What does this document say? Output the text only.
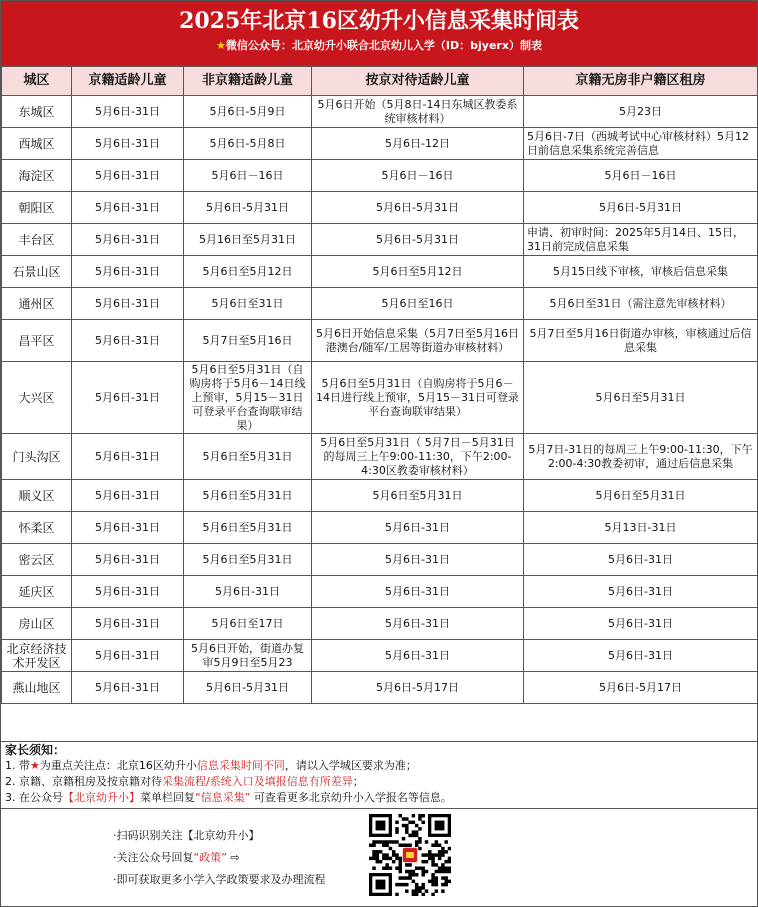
2025年北京16区幼升小信息采集时间表
★微信公众号：北京幼升小联合北京幼儿入学（ID：bjyerx）制表
城区	京籍适龄儿童	非京籍适龄儿童	按京对待适龄儿童	京籍无房非户籍区租房
东城区	5月6日-31日	5月6日-5月9日	5月6日开始（5月8日-14日东城区教委系统审核材料）	5月23日
西城区	5月6日-31日	5月6日-5月8日	5月6日-12日	5月6日-7日（西城考试中心审核材料）5月12日前信息采集系统完善信息
海淀区	5月6日-31日	5月6日－16日	5月6日－16日	5月6日－16日
朝阳区	5月6日-31日	5月6日-5月31日	5月6日-5月31日	5月6日-5月31日
丰台区	5月6日-31日	5月16日至5月31日	5月6日-5月31日	申请、初审时间：2025年5月14日、15日，31日前完成信息采集
石景山区	5月6日-31日	5月6日至5月12日	5月6日至5月12日	5月15日线下审核，审核后信息采集
通州区	5月6日-31日	5月6日至31日	5月6日至16日	5月6日至31日（需注意先审核材料）
昌平区	5月6日-31日	5月7日至5月16日	5月6日开始信息采集（5月7日至5月16日港澳台/随军/工居等街道办审核材料）	5月7日至5月16日街道办审核，审核通过后信息采集
大兴区	5月6日-31日	5月6日至5月31日（自购房将于5月6－14日线上预审，5月15－31日可登录平台查询联审结果）	5月6日至5月31日（自购房将于5月6－14日进行线上预审，5月15－31日可登录平台查询联审结果）	5月6日至5月31日
门头沟区	5月6日-31日	5月6日至5月31日	5月6日至5月31日（ 5月7日－5月31日的每周三上午9:00-11:30，下午2:00-4:30区教委审核材料）	5月7日-31日的每周三上午9:00-11:30，下午2:00-4:30教委初审，通过后信息采集
顺义区	5月6日-31日	5月6日至5月31日	5月6日至5月31日	5月6日至5月31日
怀柔区	5月6日-31日	5月6日至5月31日	5月6日-31日	5月13日-31日
密云区	5月6日-31日	5月6日至5月31日	5月6日-31日	5月6日-31日
延庆区	5月6日-31日	5月6日-31日	5月6日-31日	5月6日-31日
房山区	5月6日-31日	5月6日至17日	5月6日-31日	5月6日-31日
北京经济技术开发区	5月6日-31日	5月6日开始，街道办复审5月9日至5月23	5月6日-31日	5月6日-31日
燕山地区	5月6日-31日	5月6日-5月31日	5月6日-5月17日	5月6日-5月17日
家长须知：
1. 带★为重点关注点：北京16区幼升小信息采集时间不同，请以入学城区要求为准；
2. 京籍、京籍租房及按京籍对待采集流程/系统入口及填报信息有所差异；
3. 在公众号【北京幼升小】菜单栏回复“信息采集” 可查看更多北京幼升小入学报名等信息。
·扫码识别关注【北京幼升小】
·关注公众号回复“政策” ⇨
·即可获取更多小学入学政策要求及办理流程
